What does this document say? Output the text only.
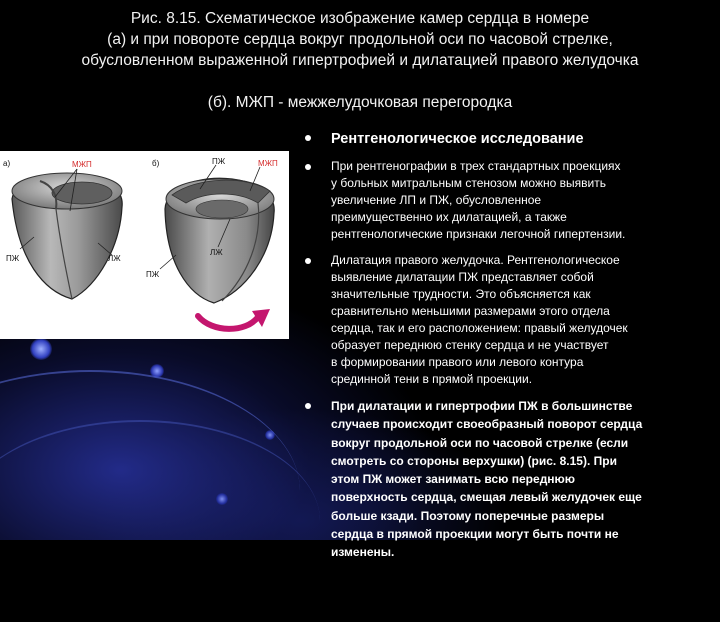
Рис. 8.15. Схематическое изображение камер сердца в номере
(а) и при повороте сердца вокруг продольной оси по часовой стрелке,
обусловленном выраженной гипертрофией и дилатацией правого желудочка
(б). МЖП - межжелудочковая перегородка
а)	МЖП
ПЖ	ЛЖ
б)	ПЖ	МЖП
ЛЖ
ПЖ
Рентгенологическое исследование
При рентгенографии в трех стандартных проекциях
у больных митральным стенозом можно выявить
увеличение ЛП и ПЖ, обусловленное
преимущественно их дилатацией, а также
рентгенологические признаки легочной гипертензии.
Дилатация правого желудочка. Рентгенологическое
выявление дилатации ПЖ представляет собой
значительные трудности. Это объясняется как
сравнительно меньшими размерами этого отдела
сердца, так и его расположением: правый желудочек
образует переднюю стенку сердца и не участвует
в формировании правого или левого контура
срединной тени в прямой проекции.
При дилатации и гипертрофии ПЖ в большинстве
случаев происходит своеобразный поворот сердца
вокруг продольной оси по часовой стрелке (если
смотреть со стороны верхушки) (рис. 8.15). При
этом ПЖ может занимать всю переднюю
поверхность сердца, смещая левый желудочек еще
больше кзади. Поэтому поперечные размеры
сердца в прямой проекции могут быть почти не
изменены.
